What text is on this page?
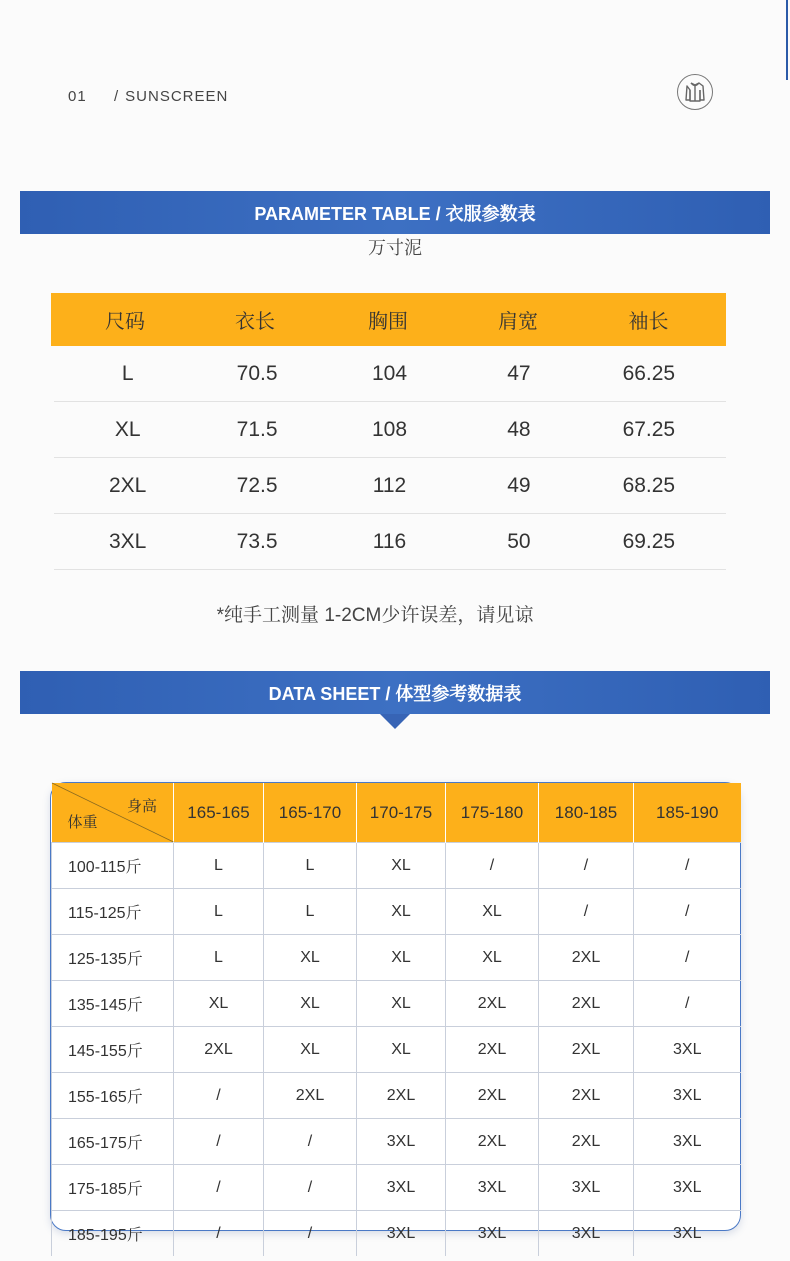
01 / SUNSCREEN
PARAMETER TABLE / 衣服参数表
万寸泥
尺码	衣长	胸围	肩宽	袖长
L	70.5	104	47	66.25
XL	71.5	108	48	67.25
2XL	72.5	112	49	68.25
3XL	73.5	116	50	69.25
*纯手工测量 1-2CM少许误差，请见谅
DATA SHEET / 体型参考数据表
身高
体重	165-165	165-170	170-175	175-180	180-185	185-190
100-115斤	L	L	XL	/	/	/
115-125斤	L	L	XL	XL	/	/
125-135斤	L	XL	XL	XL	2XL	/
135-145斤	XL	XL	XL	2XL	2XL	/
145-155斤	2XL	XL	XL	2XL	2XL	3XL
155-165斤	/	2XL	2XL	2XL	2XL	3XL
165-175斤	/	/	3XL	2XL	2XL	3XL
175-185斤	/	/	3XL	3XL	3XL	3XL
185-195斤	/	/	3XL	3XL	3XL	3XL
